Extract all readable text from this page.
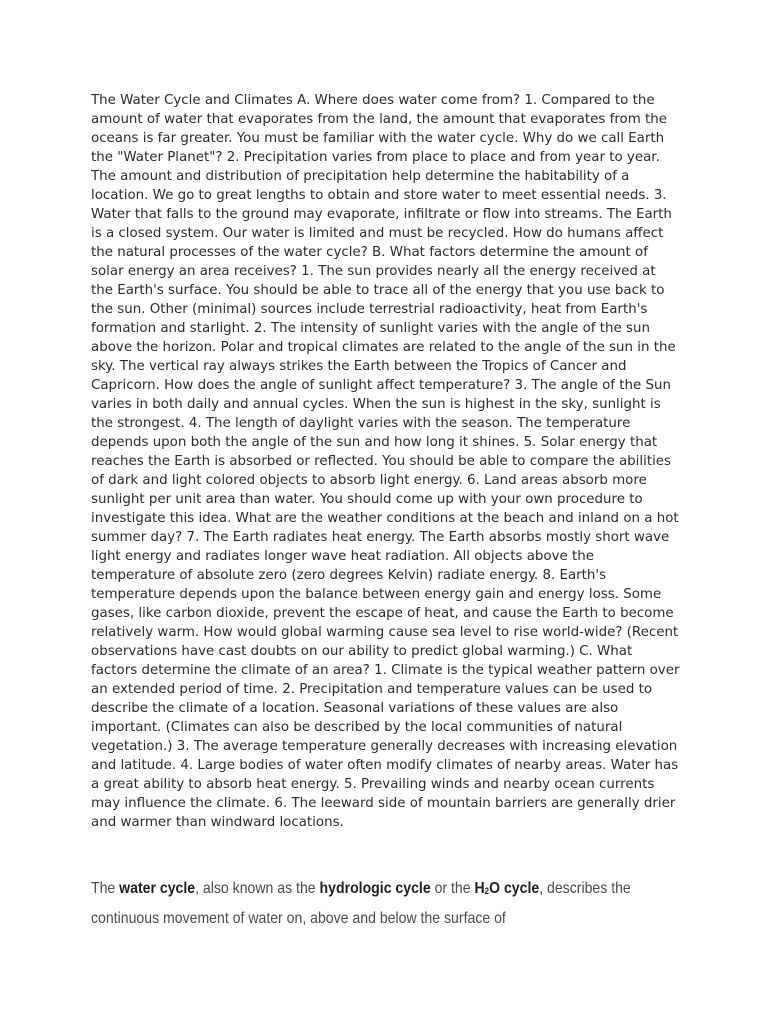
The Water Cycle and Climates A. Where does water come from? 1. Compared to the amount of water that evaporates from the land, the amount that evaporates from the oceans is far greater. You must be familiar with the water cycle. Why do we call Earth the "Water Planet"? 2. Precipitation varies from place to place and from year to year. The amount and distribution of precipitation help determine the habitability of a location. We go to great lengths to obtain and store water to meet essential needs. 3. Water that falls to the ground may evaporate, infiltrate or flow into streams. The Earth is a closed system. Our water is limited and must be recycled. How do humans affect the natural processes of the water cycle? B. What factors determine the amount of solar energy an area receives? 1. The sun provides nearly all the energy received at the Earth's surface. You should be able to trace all of the energy that you use back to the sun. Other (minimal) sources include terrestrial radioactivity, heat from Earth's formation and starlight. 2. The intensity of sunlight varies with the angle of the sun above the horizon. Polar and tropical climates are related to the angle of the sun in the sky. The vertical ray always strikes the Earth between the Tropics of Cancer and Capricorn. How does the angle of sunlight affect temperature? 3. The angle of the Sun varies in both daily and annual cycles. When the sun is highest in the sky, sunlight is the strongest. 4. The length of daylight varies with the season. The temperature depends upon both the angle of the sun and how long it shines. 5. Solar energy that reaches the Earth is absorbed or reflected. You should be able to compare the abilities of dark and light colored objects to absorb light energy. 6. Land areas absorb more sunlight per unit area than water. You should come up with your own procedure to investigate this idea. What are the weather conditions at the beach and inland on a hot summer day? 7. The Earth radiates heat energy. The Earth absorbs mostly short wave light energy and radiates longer wave heat radiation. All objects above the temperature of absolute zero (zero degrees Kelvin) radiate energy. 8. Earth's temperature depends upon the balance between energy gain and energy loss. Some gases, like carbon dioxide, prevent the escape of heat, and cause the Earth to become relatively warm. How would global warming cause sea level to rise world-wide? (Recent observations have cast doubts on our ability to predict global warming.) C. What factors determine the climate of an area? 1. Climate is the typical weather pattern over an extended period of time. 2. Precipitation and temperature values can be used to describe the climate of a location. Seasonal variations of these values are also important. (Climates can also be described by the local communities of natural vegetation.) 3. The average temperature generally decreases with increasing elevation and latitude. 4. Large bodies of water often modify climates of nearby areas. Water has a great ability to absorb heat energy. 5. Prevailing winds and nearby ocean currents may influence the climate. 6. The leeward side of mountain barriers are generally drier and warmer than windward locations.

The water cycle, also known as the hydrologic cycle or the H2O cycle, describes the continuous movement of water on, above and below the surface of
